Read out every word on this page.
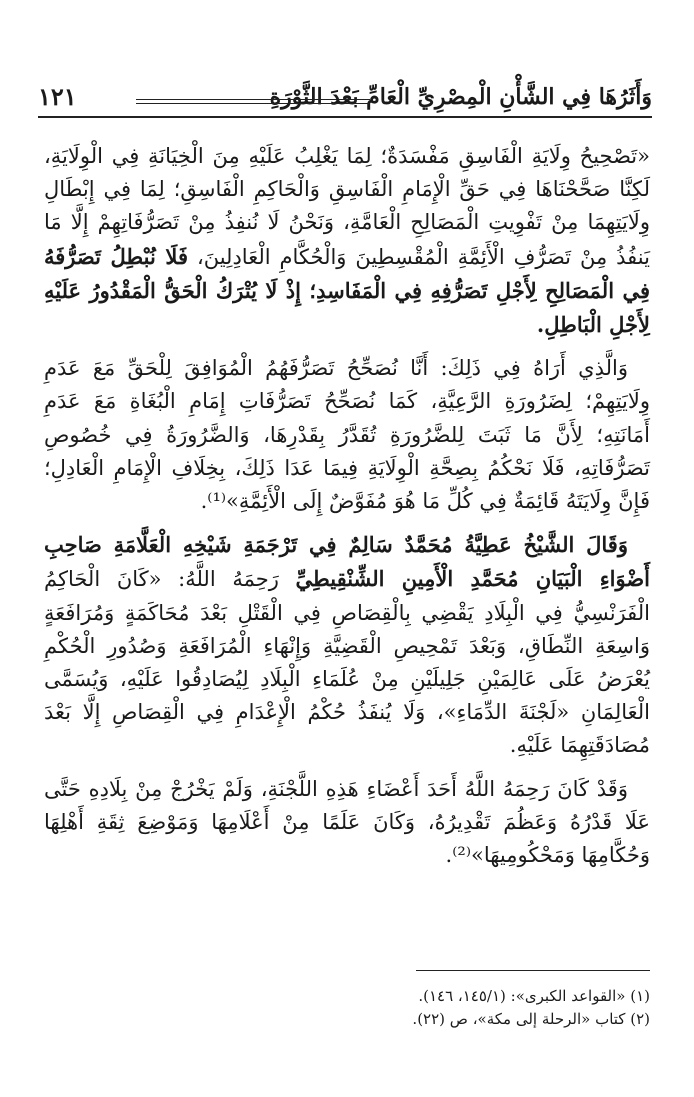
وَأَثَرُهَا فِي الشَّأْنِ الْمِصْرِيِّ الْعَامِّ بَعْدَ الثَّوْرَةِ
١٢١

«تَصْحِيحُ وِلَايَةِ الْفَاسِقِ مَفْسَدَةٌ؛ لِمَا يَغْلِبُ عَلَيْهِ مِنَ الْخِيَانَةِ فِي الْوِلَايَةِ، لَكِنَّا صَحَّحْنَاهَا فِي حَقِّ الْإِمَامِ الْفَاسِقِ وَالْحَاكِمِ الْفَاسِقِ؛ لِمَا فِي إِبْطَالِ وِلَايَتِهِمَا مِنْ تَفْوِيتِ الْمَصَالِحِ الْعَامَّةِ، وَنَحْنُ لَا نُنفِذُ مِنْ تَصَرُّفَاتِهِمْ إِلَّا مَا يَنفُذُ مِنْ تَصَرُّفِ الْأَئِمَّةِ الْمُقْسِطِينَ وَالْحُكَّامِ الْعَادِلِينَ، فَلَا نُبْطِلُ تَصَرُّفَهُ فِي الْمَصَالِحِ لِأَجْلِ تَصَرُّفِهِ فِي الْمَفَاسِدِ؛ إِذْ لَا يُتْرَكُ الْحَقُّ الْمَقْدُورُ عَلَيْهِ لِأَجْلِ الْبَاطِلِ.

وَالَّذِي أَرَاهُ فِي ذَلِكَ: أَنَّا نُصَحِّحُ تَصَرُّفَهُمُ الْمُوَافِقَ لِلْحَقِّ مَعَ عَدَمِ وِلَايَتِهِمْ؛ لِضَرُورَةِ الرَّعِيَّةِ، كَمَا نُصَحِّحُ تَصَرُّفَاتِ إِمَامِ الْبُغَاةِ مَعَ عَدَمِ أَمَانَتِهِ؛ لِأَنَّ مَا ثَبَتَ لِلضَّرُورَةِ تُقَدَّرُ بِقَدْرِهَا، وَالضَّرُورَةُ فِي خُصُوصِ تَصَرُّفَاتِهِ، فَلَا نَحْكُمُ بِصِحَّةِ الْوِلَايَةِ فِيمَا عَدَا ذَلِكَ، بِخِلَافِ الْإِمَامِ الْعَادِلِ؛ فَإِنَّ وِلَايَتَهُ قَائِمَةٌ فِي كُلِّ مَا هُوَ مُفَوَّضٌ إِلَى الْأَئِمَّةِ»⁽¹⁾.

وَقَالَ الشَّيْخُ عَطِيَّةُ مُحَمَّدٌ سَالِمٌ فِي تَرْجَمَةِ شَيْخِهِ الْعَلَّامَةِ صَاحِبِ أَضْوَاءِ الْبَيَانِ مُحَمَّدِ الْأَمِينِ الشِّنْقِيطِيِّ رَحِمَهُ اللَّهُ: «كَانَ الْحَاكِمُ الْفَرَنْسِيُّ فِي الْبِلَادِ يَقْضِي بِالْقِصَاصِ فِي الْقَتْلِ بَعْدَ مُحَاكَمَةٍ وَمُرَافَعَةٍ وَاسِعَةِ النِّطَاقِ، وَبَعْدَ تَمْحِيصِ الْقَضِيَّةِ وَإِنْهَاءِ الْمُرَافَعَةِ وَصُدُورِ الْحُكْمِ يُعْرَضُ عَلَى عَالِمَيْنِ جَلِيلَيْنِ مِنْ عُلَمَاءِ الْبِلَادِ لِيُصَادِقُوا عَلَيْهِ، وَيُسَمَّى الْعَالِمَانِ «لَجْنَةَ الدِّمَاءِ»، وَلَا يُنفَذُ حُكْمُ الْإِعْدَامِ فِي الْقِصَاصِ إِلَّا بَعْدَ مُصَادَقَتِهِمَا عَلَيْهِ.

وَقَدْ كَانَ رَحِمَهُ اللَّهُ أَحَدَ أَعْضَاءِ هَذِهِ اللَّجْنَةِ، وَلَمْ يَخْرُجْ مِنْ بِلَادِهِ حَتَّى عَلَا قَدْرُهُ وَعَظُمَ تَقْدِيرُهُ، وَكَانَ عَلَمًا مِنْ أَعْلَامِهَا وَمَوْضِعَ ثِقَةِ أَهْلِهَا وَحُكَّامِهَا وَمَحْكُومِيهَا»⁽²⁾.

(١) «القواعد الكبرى»: (١٤٥/١، ١٤٦).
(٢) كتاب «الرحلة إلى مكة»، ص (٢٢).
